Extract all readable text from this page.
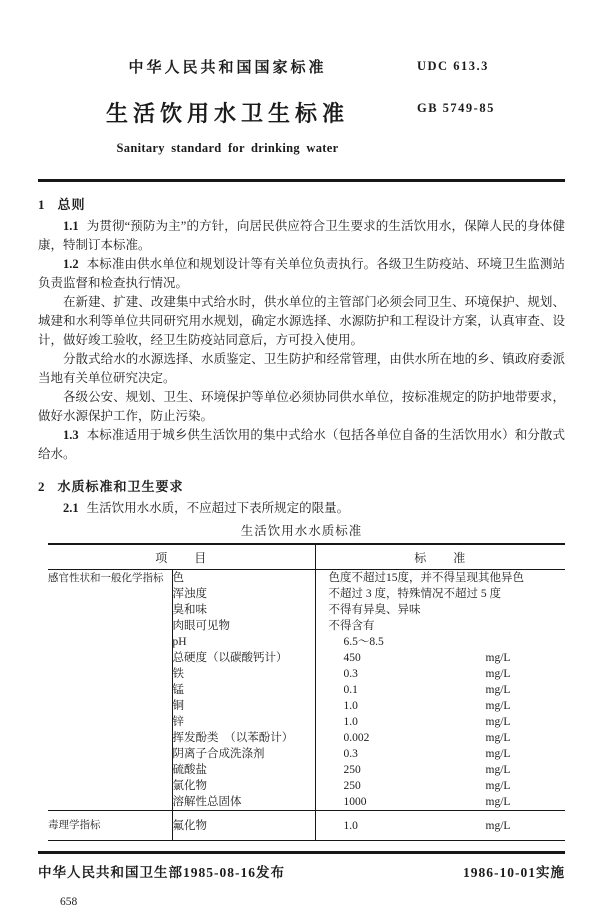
中华人民共和国国家标准
生活饮用水卫生标准
Sanitary standard for drinking water
UDC 613.3
GB 5749-85

1 总则

1.1 为贯彻“预防为主”的方针，向居民供应符合卫生要求的生活饮用水，保障人民的身体健康，特制订本标准。

1.2 本标准由供水单位和规划设计等有关单位负责执行。各级卫生防疫站、环境卫生监测站负责监督和检查执行情况。

在新建、扩建、改建集中式给水时，供水单位的主管部门必须会同卫生、环境保护、规划、城建和水利等单位共同研究用水规划，确定水源选择、水源防护和工程设计方案，认真审查、设计，做好竣工验收，经卫生防疫站同意后，方可投入使用。

分散式给水的水源选择、水质鉴定、卫生防护和经常管理，由供水所在地的乡、镇政府委派当地有关单位研究决定。

各级公安、规划、卫生、环境保护等单位必须协同供水单位，按标准规定的防护地带要求，做好水源保护工作，防止污染。

1.3 本标准适用于城乡供生活饮用的集中式给水（包括各单位自备的生活饮用水）和分散式给水。

2 水质标准和卫生要求

2.1 生活饮用水水质，不应超过下表所规定的限量。

生活饮用水水质标准
项　　目		标　　准
感官性状和一般化学指标	色	色度不超过15度，并不得呈现其他异色
	浑浊度	不超过 3 度，特殊情况不超过 5 度
	臭和味	不得有异臭、异味
	肉眼可见物	不得含有
	pH	6.5～8.5

	总硬度（以碳酸钙计）	450 mg/L

	铁	0.3 mg/L

	锰	0.1 mg/L

	铜	1.0 mg/L

	锌	1.0 mg/L

	挥发酚类　（以苯酚计）	0.002 mg/L

	阴离子合成洗涤剂	0.3 mg/L

	硫酸盐	250 mg/L

	氯化物	250 mg/L

	溶解性总固体	1000 mg/L

毒理学指标	氟化物	1.0 mg/L
中华人民共和国卫生部1985-08-16发布	1986-10-01实施
658
